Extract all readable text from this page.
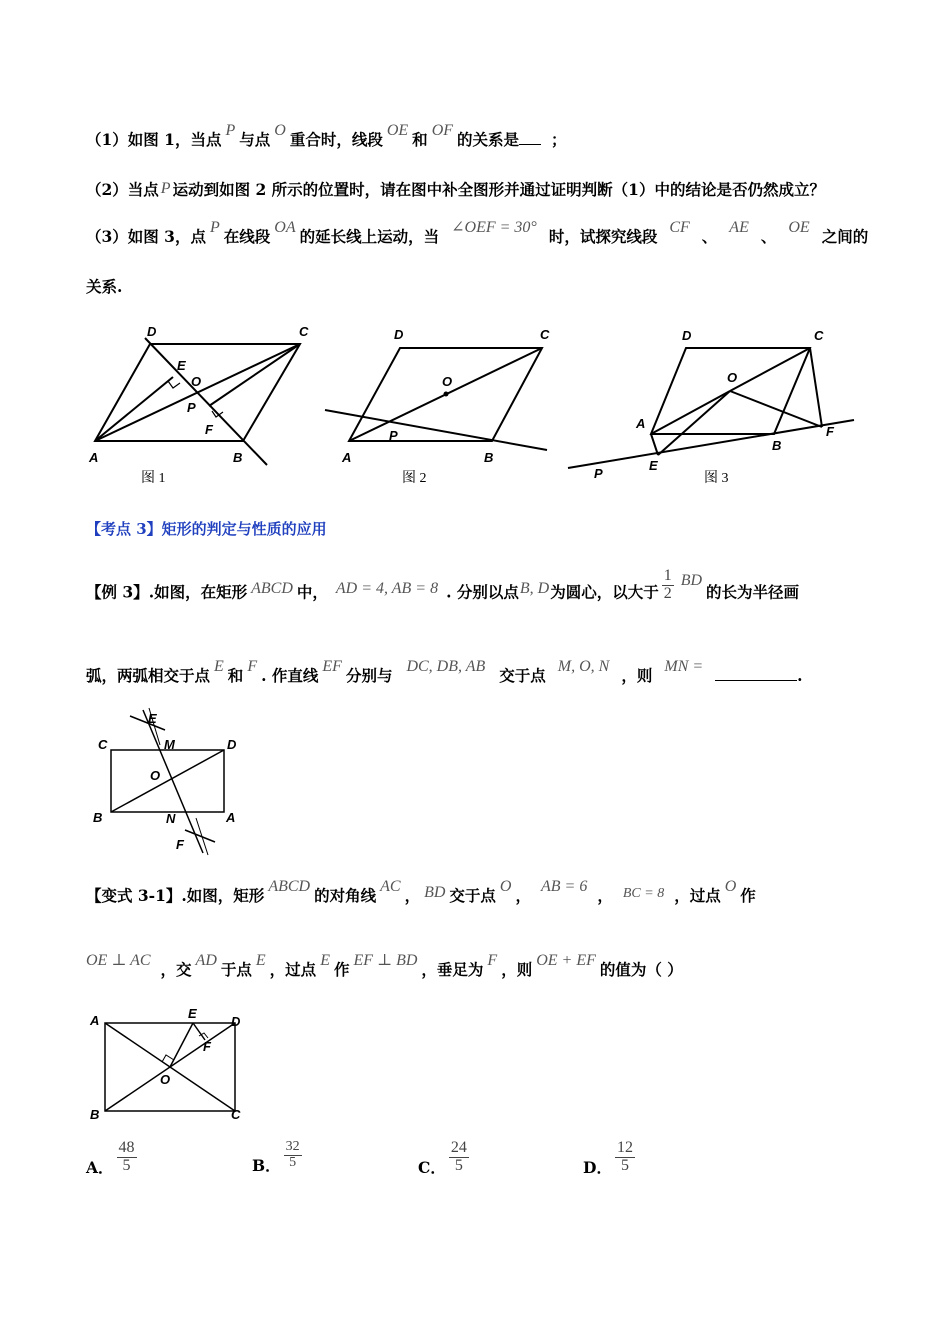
（1）如图 1，当点 P 与点 O 重合时，线段 OE 和 OF 的关系是 ；
（2）当点 P 运动到如图 2 所示的位置时，请在图中补全图形并通过证明判断（1）中的结论是否仍然成立？
（3）如图 3，点 P 在线段 OA 的延长线上运动，当 ∠OEF = 30° 时，试探究线段 CF 、 AE 、 OE 之间的
关系.
D	C
E
O
P
F
A	B
图 1
D	C
O
P
A	B
图 2
D	C
O
A
B
F
E
P	图 3
【考点 3】矩形的判定与性质的应用
【例 3】.如图，在矩形 ABCD 中， AD = 4, AB = 8 . 分别以点B, D为圆心，以大于 $\frac{1}{2}$ BD的长为半径画
弧，两弧相交于点 E 和 F . 作直线 EF 分别与 DC, DB, AB 交于点 M, O, N ，则 MN =	.
E
C	M	D
O
B	N	A
F
【变式 3-1】.如图，矩形 ABCD 的对角线 AC ， BD 交于点 O ， AB = 6 ， BC = 8 ，过点 O 作
OE ⊥ AC ，交 AD 于点 E ，过点 E 作 EF ⊥ BD ，垂足为 F ，则 OE + EF 的值为（ ）
A	E
D
F
O
B	C
A． $\frac{48}{5}$	B． $\frac{32}{5}$	C． $\frac{24}{5}$	D． $\frac{12}{5}$
